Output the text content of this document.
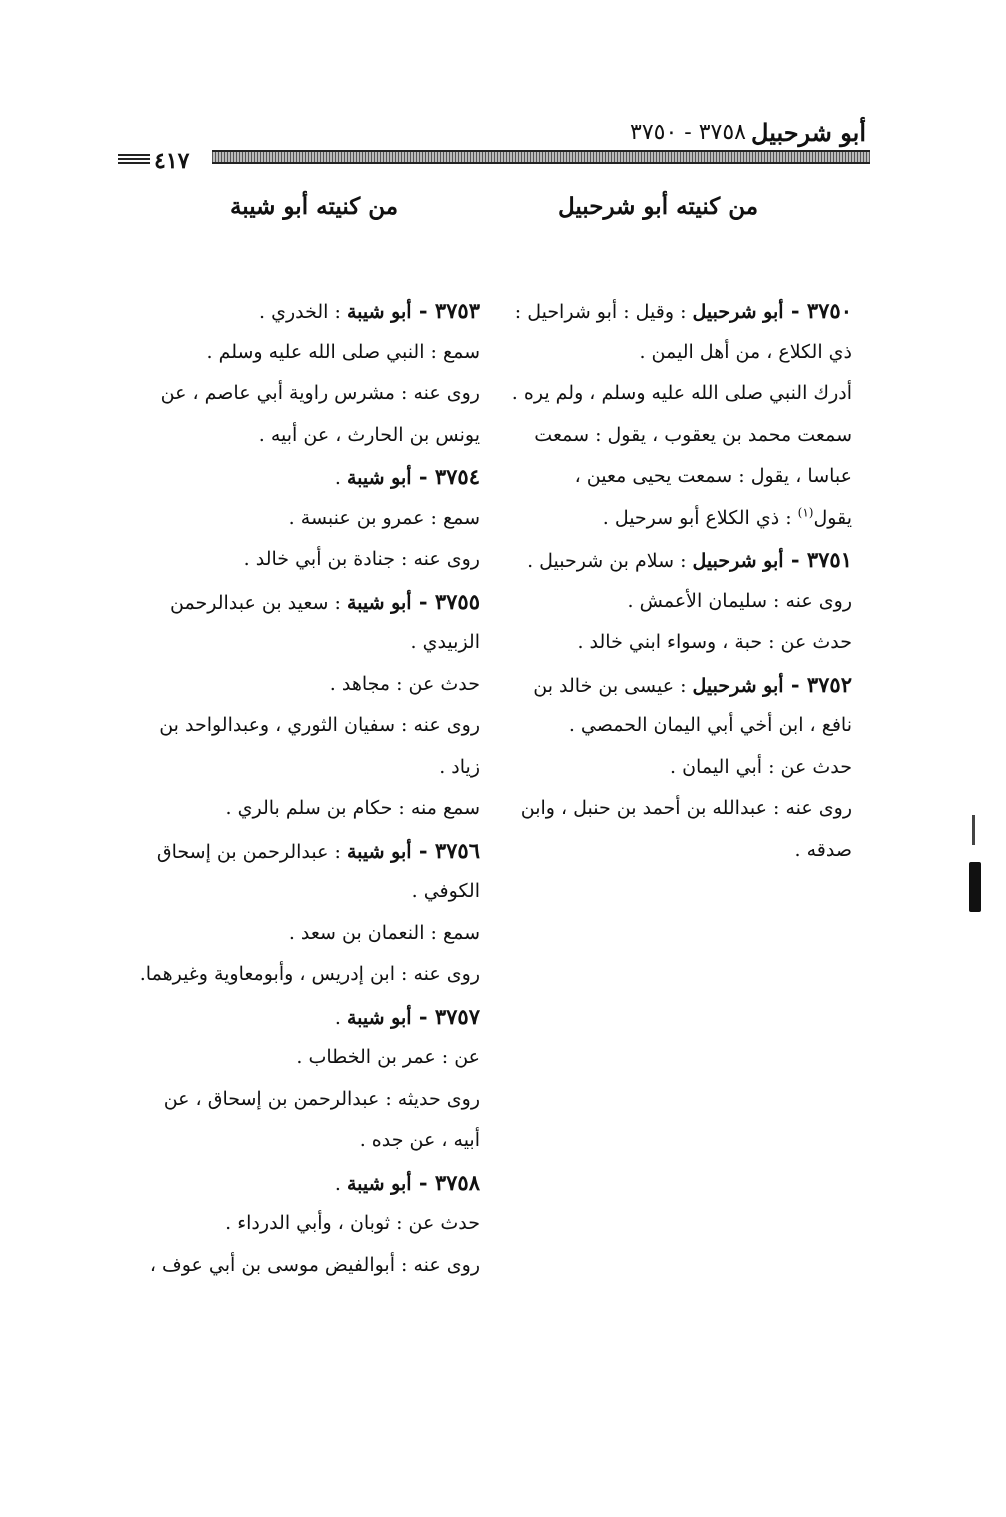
أبو شرحبيل
٣٧٥٨ - ٣٧٥٠
٤١٧
من كنيته أبو شرحبيل
٣٧٥٠ - أبو شرحبيل : وقيل : أبو شراحيل :
ذي الكلاع ، من أهل اليمن .
أدرك النبي صلى الله عليه وسلم ، ولم يره .
سمعت محمد بن يعقوب ، يقول : سمعت
عباسا ، يقول : سمعت يحيى معين ،
يقول$^{(١)}$ : ذي الكلاع أبو سرحيل .
٣٧٥١ - أبو شرحبيل : سلام بن شرحبيل .
روى عنه : سليمان الأعمش .
حدث عن : حبة ، وسواء ابني خالد .
٣٧٥٢ - أبو شرحبيل : عيسى بن خالد بن
نافع ، ابن أخي أبي اليمان الحمصي .
حدث عن : أبي اليمان .
روى عنه : عبدالله بن أحمد بن حنبل ، وابن
صدقه .
من كنيته أبو شيبة
٣٧٥٣ - أبو شيبة : الخدري .
سمع : النبي صلى الله عليه وسلم .
روى عنه : مشرس راوية أبي عاصم ، عن
يونس بن الحارث ، عن أبيه .
٣٧٥٤ - أبو شيبة .
سمع : عمرو بن عنبسة .
روى عنه : جنادة بن أبي خالد .
٣٧٥٥ - أبو شيبة : سعيد بن عبدالرحمن
الزبيدي .
حدث عن : مجاهد .
روى عنه : سفيان الثوري ، وعبدالواحد بن
زياد .
سمع منه : حكام بن سلم بالري .
٣٧٥٦ - أبو شيبة : عبدالرحمن بن إسحاق
الكوفي .
سمع : النعمان بن سعد .
روى عنه : ابن إدريس ، وأبومعاوية وغيرهما.
٣٧٥٧ - أبو شيبة .
عن : عمر بن الخطاب .
روى حديثه : عبدالرحمن بن إسحاق ، عن
أبيه ، عن جده .
٣٧٥٨ - أبو شيبة .
حدث عن : ثوبان ، وأبي الدرداء .
روى عنه : أبوالفيض موسى بن أبي عوف ،
